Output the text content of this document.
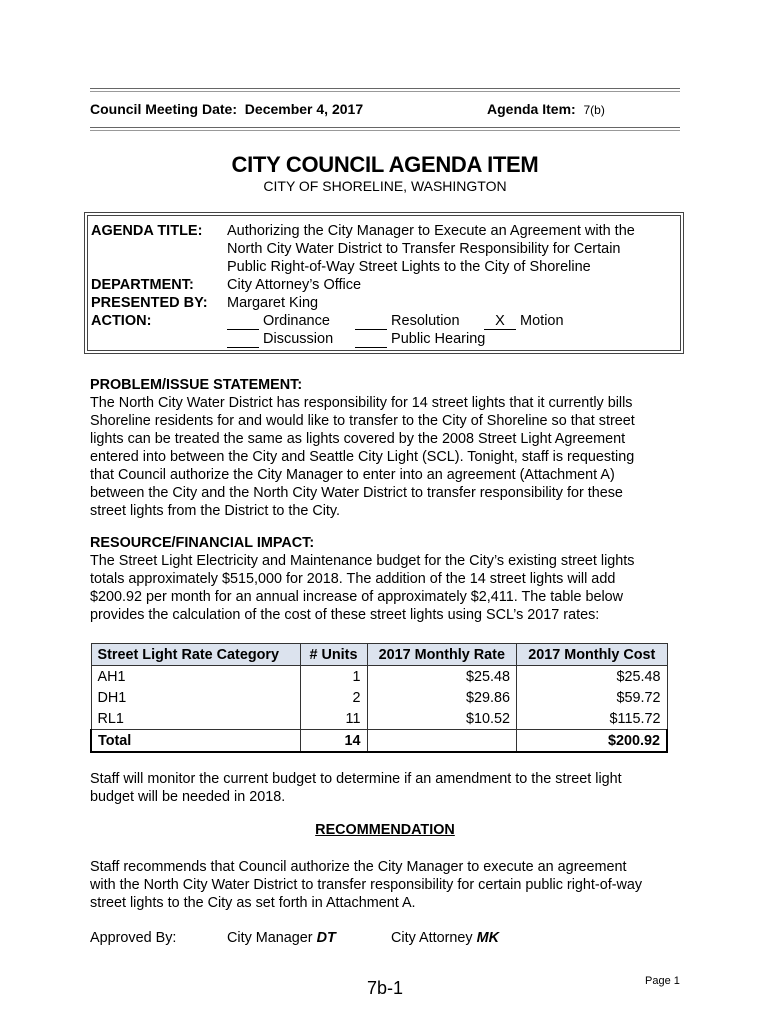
Council Meeting Date: December 4, 2017	Agenda Item: 7(b)
CITY COUNCIL AGENDA ITEM
CITY OF SHORELINE, WASHINGTON
AGENDA TITLE: Authorizing the City Manager to Execute an Agreement with the
North City Water District to Transfer Responsibility for Certain
Public Right-of-Way Street Lights to the City of Shoreline
DEPARTMENT: City Attorney’s Office
PRESENTED BY: Margaret King
ACTION:	Ordinance	Resolution	X Motion
Discussion	Public Hearing
PROBLEM/ISSUE STATEMENT:
The North City Water District has responsibility for 14 street lights that it currently bills
Shoreline residents for and would like to transfer to the City of Shoreline so that street
lights can be treated the same as lights covered by the 2008 Street Light Agreement
entered into between the City and Seattle City Light (SCL). Tonight, staff is requesting
that Council authorize the City Manager to enter into an agreement (Attachment A)
between the City and the North City Water District to transfer responsibility for these
street lights from the District to the City.
RESOURCE/FINANCIAL IMPACT:
The Street Light Electricity and Maintenance budget for the City’s existing street lights
totals approximately $515,000 for 2018. The addition of the 14 street lights will add
$200.92 per month for an annual increase of approximately $2,411. The table below
provides the calculation of the cost of these street lights using SCL’s 2017 rates:
Street Light Rate Category	# Units	2017 Monthly Rate	2017 Monthly Cost
AH1	1	$25.48	$25.48
DH1	2	$29.86	$59.72
RL1	11	$10.52	$115.72
Total	14		$200.92
Staff will monitor the current budget to determine if an amendment to the street light
budget will be needed in 2018.
RECOMMENDATION
Staff recommends that Council authorize the City Manager to execute an agreement
with the North City Water District to transfer responsibility for certain public right-of-way
street lights to the City as set forth in Attachment A.
Approved By:	City Manager DT	City Attorney MK
7b-1	Page 1
